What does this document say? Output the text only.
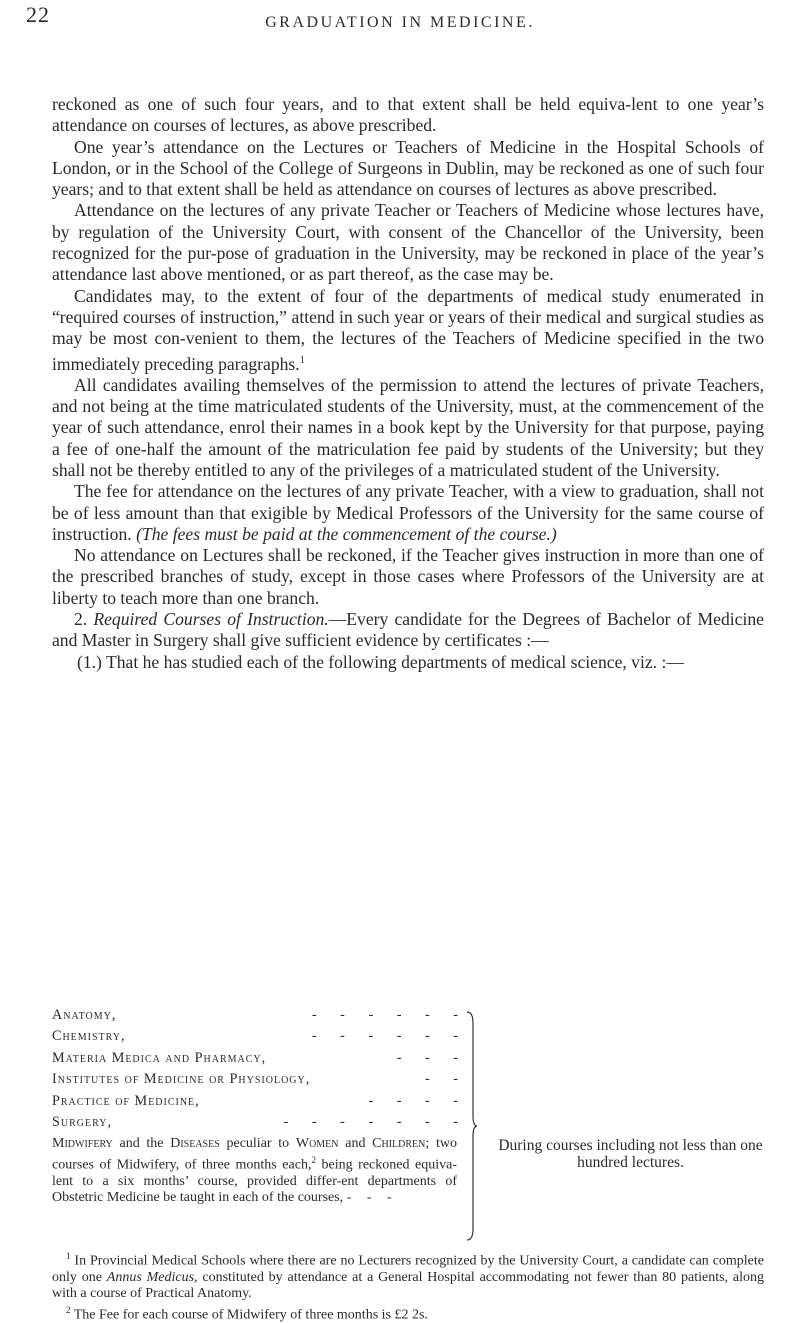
22	GRADUATION IN MEDICINE.

reckoned as one of such four years, and to that extent shall be held equiva-lent to one year’s attendance on courses of lectures, as above prescribed.

One year’s attendance on the Lectures or Teachers of Medicine in the Hospital Schools of London, or in the School of the College of Surgeons in Dublin, may be reckoned as one of such four years; and to that extent shall be held as attendance on courses of lectures as above prescribed.

Attendance on the lectures of any private Teacher or Teachers of Medicine whose lectures have, by regulation of the University Court, with consent of the Chancellor of the University, been recognized for the pur-pose of graduation in the University, may be reckoned in place of the year’s attendance last above mentioned, or as part thereof, as the case may be.

Candidates may, to the extent of four of the departments of medical study enumerated in “required courses of instruction,” attend in such year or years of their medical and surgical studies as may be most con-venient to them, the lectures of the Teachers of Medicine specified in the two immediately preceding paragraphs.$^1$

All candidates availing themselves of the permission to attend the lectures of private Teachers, and not being at the time matriculated students of the University, must, at the commencement of the year of such attendance, enrol their names in a book kept by the University for that purpose, paying a fee of one-half the amount of the matriculation fee paid by students of the University; but they shall not be thereby entitled to any of the privileges of a matriculated student of the University.

The fee for attendance on the lectures of any private Teacher, with a view to graduation, shall not be of less amount than that exigible by Medical Professors of the University for the same course of instruction. (The fees must be paid at the commencement of the course.)

No attendance on Lectures shall be reckoned, if the Teacher gives instruction in more than one of the prescribed branches of study, except in those cases where Professors of the University are at liberty to teach more than one branch.

2. Required Courses of Instruction.—Every candidate for the Degrees of Bachelor of Medicine and Master in Surgery shall give sufficient evidence by certificates :—

(1.) That he has studied each of the following departments of medical science, viz. :—

Anatomy,	- - - - - -
Chemistry,	- - - - - -
Materia Medica and Pharmacy,	- - -
Institutes of Medicine or Physiology,	- -
Practice of Medicine,	- - - -
Surgery,	- - - - - - -
Midwifery and the Diseases peculiar to Women and Children; two courses of Midwifery, of three months each,$^2$ being reckoned equiva-lent to a six months’ course, provided differ-ent departments of Obstetric Medicine be taught in each of the courses, - - -
During courses including not less than one hundred lectures.

$^1$ In Provincial Medical Schools where there are no Lecturers recognized by the University Court, a candidate can complete only one Annus Medicus, constituted by attendance at a General Hospital accommodating not fewer than 80 patients, along with a course of Practical Anatomy.

$^2$ The Fee for each course of Midwifery of three months is £2 2s.
